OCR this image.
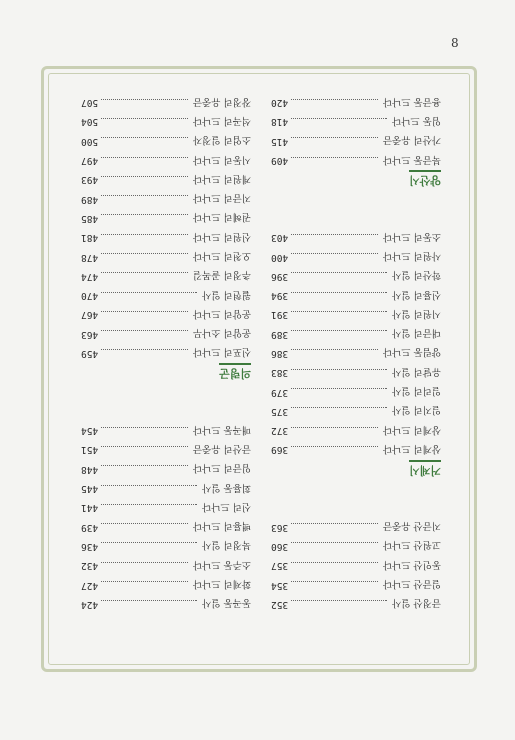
8
금정산 일사
352
일금산 드나다
354
동인산 드나다
357
고원산 드나다
360
지금산 유중금
363
거제시
상계리 드나다
369
상계리 드나다
372
일지리 일사
375
일리리 일사
379
유달리 일사
383
양림동 드나다
386
대금리 일사
389
시원리 일사
391
신룡리 일사
394
학산리 일사
396
사원리 드나다
400
소동리 드나다
403
양산시
북금동 드나다
409
가산리 유중금
415
임동 드나다
418
용금동 드나다
420
동곡동 일사
424
화제리 드나다
427
소주동 드나다
432
북정리 일사
436
백룡리 드나다
439
신리 드나다
441
회룡동 일사
445
임금리 드나다
448
금산리 유중금
451
매곡동 드나다
454
의령군
신포리 드나다
459
운암리 소나무
463
운암리 드나다
467
월현리 일사
470
추정리 골목길
474
오천리 드나다
478
신원리 드나다
481
권혜리 드나다
485
지금리 드나다
489
계원리 드나다
493
시동리 드나다
497
소업리 일정자
500
석곡리 드나다
504
장정리 유중금
507
